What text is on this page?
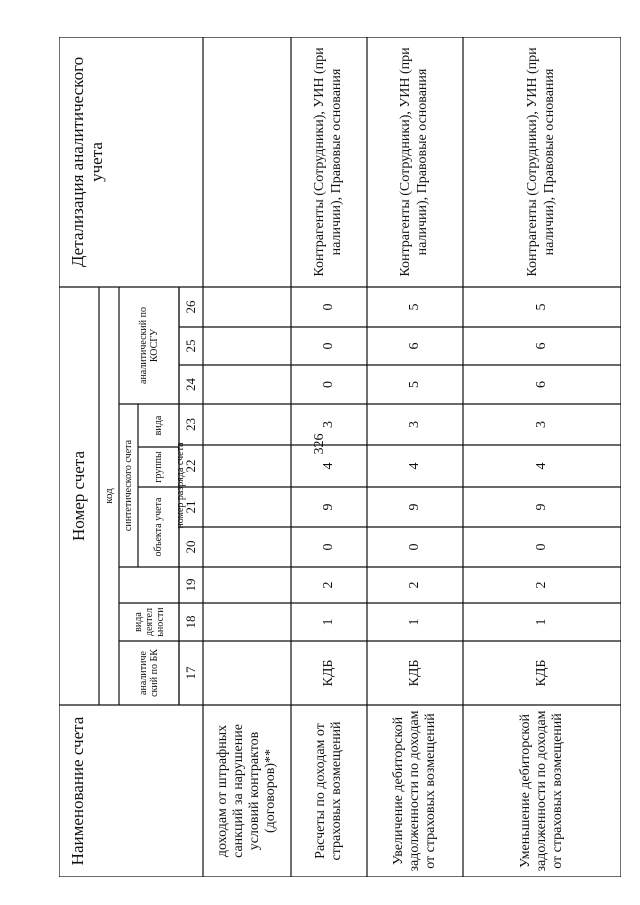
326
Наименование счета
Номер счета
Детализация аналитического учета
код
аналитиче ский по БК
вида деятел ьности
синтетического счета	объекта учета
группы
вида
аналитический по КОСГУ
номер разряда счета
17
18
19
20
21
22
23
24
25
26
доходам от штрафных санкций за нарушение условий контрактов (договоров)**	Расчеты по доходам от страховых возмещений
КДБ
1
2
0
9
4
3
0
0
0
Контрагенты (Сотрудники), УИН (при наличии), Правовые основания
Увеличение дебиторской задолженности по доходам от страховых возмещений
КДБ
1
2
0
9
4
3
5
6
5
Контрагенты (Сотрудники), УИН (при наличии), Правовые основания
Уменьшение дебиторской задолженности по доходам от страховых возмещений
КДБ
1
2
0
9
4
3
6
6
5
Контрагенты (Сотрудники), УИН (при наличии), Правовые основания
